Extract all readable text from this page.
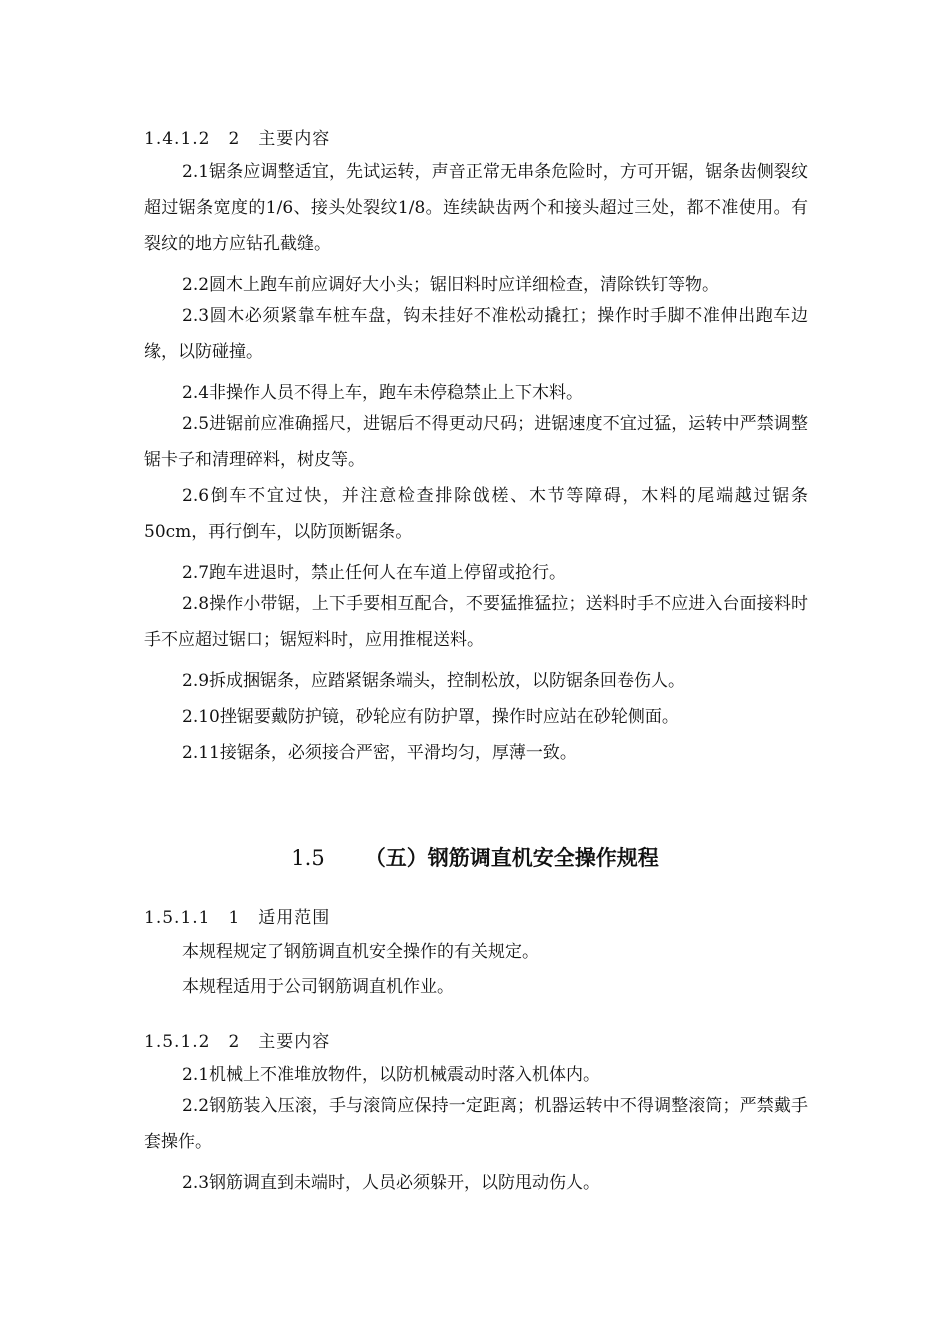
1.4.1.2　2　主要内容
2.1锯条应调整适宜，先试运转，声音正常无串条危险时，方可开锯，锯条齿侧裂纹超过锯条宽度的1/6、接头处裂纹1/8。连续缺齿两个和接头超过三处，都不准使用。有裂纹的地方应钻孔截缝。
2.2圆木上跑车前应调好大小头；锯旧料时应详细检查，清除铁钉等物。
2.3圆木必须紧靠车桩车盘，钩未挂好不准松动撬扛；操作时手脚不准伸出跑车边缘，以防碰撞。
2.4非操作人员不得上车，跑车未停稳禁止上下木料。
2.5进锯前应准确摇尺，进锯后不得更动尺码；进锯速度不宜过猛，运转中严禁调整锯卡子和清理碎料，树皮等。
2.6倒车不宜过快，并注意检查排除戗槎、木节等障碍，木料的尾端越过锯条50cm，再行倒车，以防顶断锯条。
2.7跑车进退时，禁止任何人在车道上停留或抢行。
2.8操作小带锯，上下手要相互配合，不要猛推猛拉；送料时手不应进入台面接料时手不应超过锯口；锯短料时，应用推棍送料。
2.9拆成捆锯条，应踏紧锯条端头，控制松放，以防锯条回卷伤人。
2.10挫锯要戴防护镜，砂轮应有防护罩，操作时应站在砂轮侧面。
2.11接锯条，必须接合严密，平滑均匀，厚薄一致。
1.5 （五）钢筋调直机安全操作规程
1.5.1.1　1　适用范围
本规程规定了钢筋调直机安全操作的有关规定。
本规程适用于公司钢筋调直机作业。
1.5.1.2　2　主要内容
2.1机械上不准堆放物件，以防机械震动时落入机体内。
2.2钢筋装入压滚，手与滚筒应保持一定距离；机器运转中不得调整滚筒；严禁戴手套操作。
2.3钢筋调直到未端时，人员必须躲开，以防甩动伤人。
